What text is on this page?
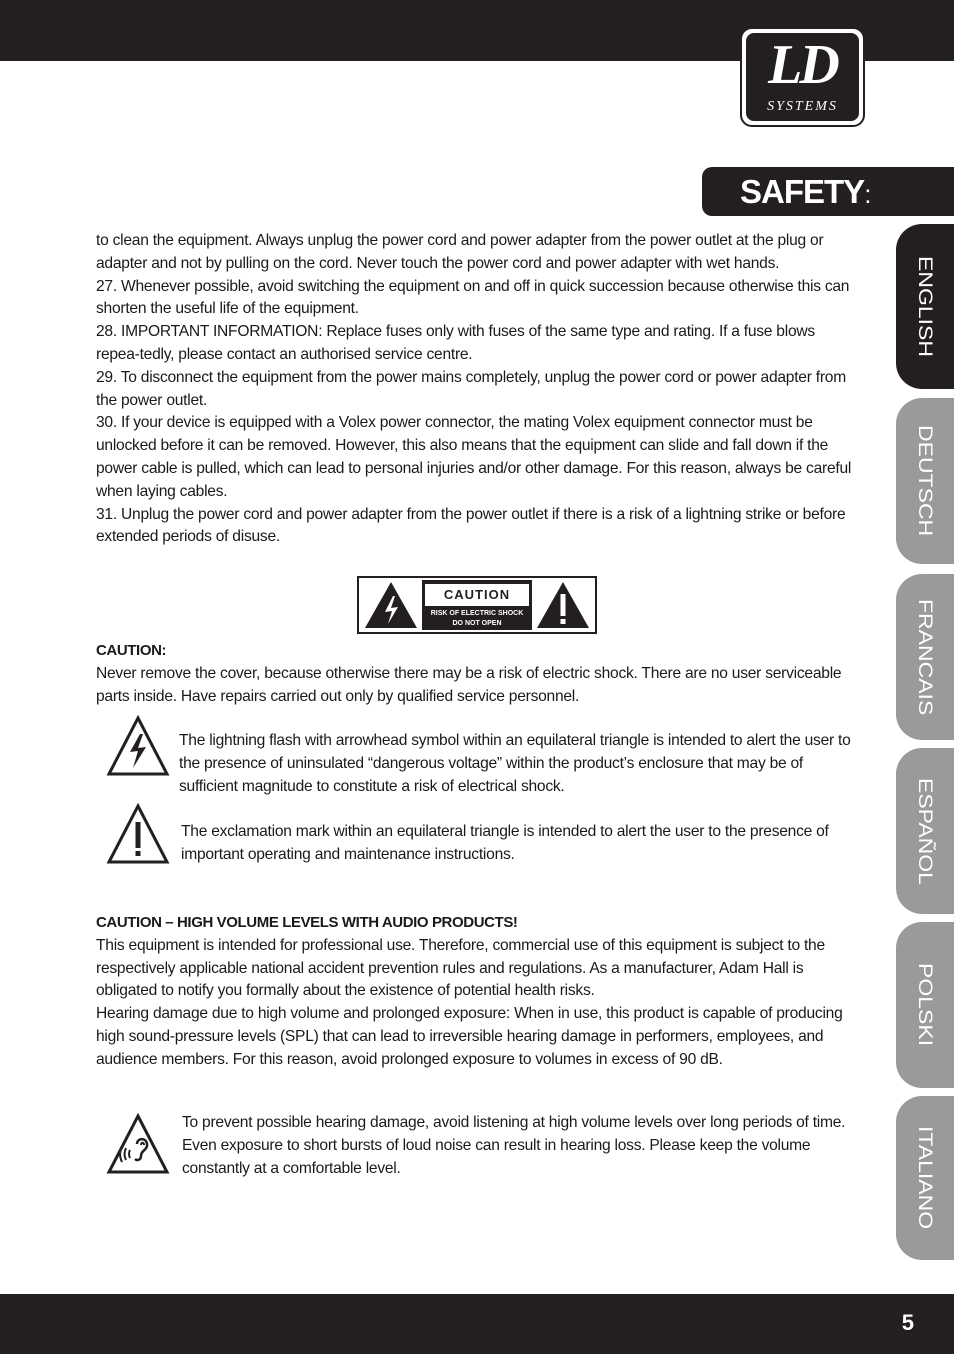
LD
SYSTEMS
SAFETY:
ENGLISH
DEUTSCH
FRANCAIS
ESPAÑOL
POLSKI
ITALIANO

to clean the equipment. Always unplug the power cord and power adapter from the power outlet at the plug or adapter and not by pulling on the cord. Never touch the power cord and power adapter with wet hands.

27. Whenever possible, avoid switching the equipment on and off in quick succession because otherwise this can shorten the useful life of the equipment.

28. IMPORTANT INFORMATION: Replace fuses only with fuses of the same type and rating. If a fuse blows repea-tedly, please contact an authorised service centre.

29. To disconnect the equipment from the power mains completely, unplug the power cord or power adapter from the power outlet.

30. If your device is equipped with a Volex power connector, the mating Volex equipment connector must be unlocked before it can be removed. However, this also means that the equipment can slide and fall down if the power cable is pulled, which can lead to personal injuries and/or other damage. For this reason, always be careful when laying cables.

31. Unplug the power cord and power adapter from the power outlet if there is a risk of a lightning strike or before extended periods of disuse.

CAUTION
RISK OF ELECTRIC SHOCK
DO NOT OPEN

CAUTION:

Never remove the cover, because otherwise there may be a risk of electric shock. There are no user serviceable parts inside. Have repairs carried out only by qualified service personnel.

The lightning flash with arrowhead symbol within an equilateral triangle is intended to alert the user to the presence of uninsulated “dangerous voltage” within the product’s enclosure that may be of sufficient magnitude to constitute a risk of electrical shock.
The exclamation mark within an equilateral triangle is intended to alert the user to the presence of important operating and maintenance instructions.

CAUTION – HIGH VOLUME LEVELS WITH AUDIO PRODUCTS!

This equipment is intended for professional use. Therefore, commercial use of this equipment is subject to the respectively applicable national accident prevention rules and regulations. As a manufacturer, Adam Hall is obligated to notify you formally about the existence of potential health risks.

Hearing damage due to high volume and prolonged exposure: When in use, this product is capable of producing high sound-pressure levels (SPL) that can lead to irreversible hearing damage in performers, employees, and audience members. For this reason, avoid prolonged exposure to volumes in excess of 90 dB.

To prevent possible hearing damage, avoid listening at high volume levels over long periods of time. Even exposure to short bursts of loud noise can result in hearing loss. Please keep the volume constantly at a comfortable level.
5
